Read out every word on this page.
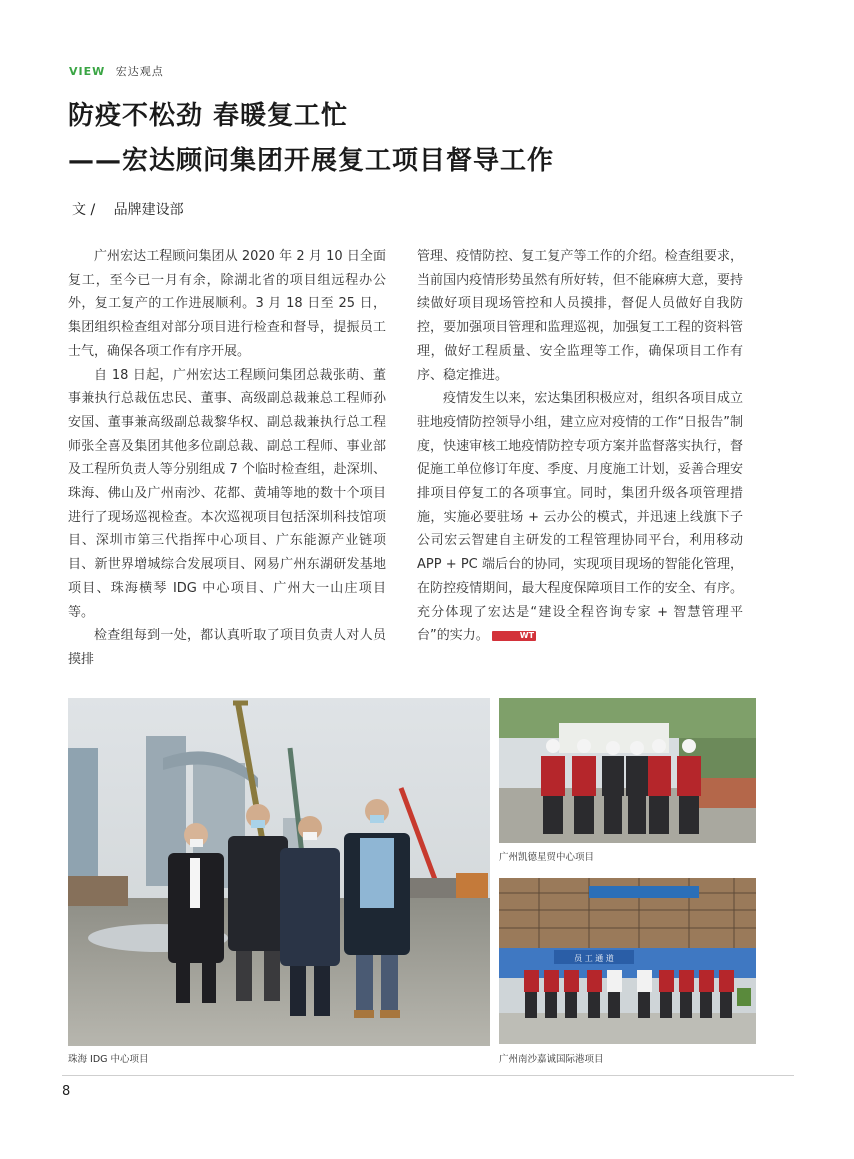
VIEW 宏达观点
防疫不松劲 春暖复工忙
——宏达顾问集团开展复工项目督导工作
文 / 品牌建设部

广州宏达工程顾问集团从 2020 年 2 月 10 日全面复工，至今已一月有余，除湖北省的项目组远程办公外，复工复产的工作进展顺利。3 月 18 日至 25 日，集团组织检查组对部分项目进行检查和督导，提振员工士气，确保各项工作有序开展。

自 18 日起，广州宏达工程顾问集团总裁张萌、董事兼执行总裁伍忠民、董事、高级副总裁兼总工程师孙安国、董事兼高级副总裁黎华权、副总裁兼执行总工程师张全喜及集团其他多位副总裁、副总工程师、事业部及工程所负责人等分别组成 7 个临时检查组，赴深圳、珠海、佛山及广州南沙、花都、黄埔等地的数十个项目进行了现场巡视检查。本次巡视项目包括深圳科技馆项目、深圳市第三代指挥中心项目、广东能源产业链项目、新世界增城综合发展项目、网易广州东湖研发基地项目、珠海横琴 IDG 中心项目、广州大一山庄项目等。

检查组每到一处，都认真听取了项目负责人对人员摸排

管理、疫情防控、复工复产等工作的介绍。检查组要求，当前国内疫情形势虽然有所好转，但不能麻痹大意，要持续做好项目现场管控和人员摸排，督促人员做好自我防控，要加强项目管理和监理巡视，加强复工工程的资料管理，做好工程质量、安全监理等工作，确保项目工作有序、稳定推进。

疫情发生以来，宏达集团积极应对，组织各项目成立驻地疫情防控领导小组，建立应对疫情的工作“日报告”制度，快速审核工地疫情防控专项方案并监督落实执行，督促施工单位修订年度、季度、月度施工计划，妥善合理安排项目停复工的各项事宜。同时，集团升级各项管理措施，实施必要驻场 + 云办公的模式，并迅速上线旗下子公司宏云智建自主研发的工程管理协同平台，利用移动 APP + PC 端后台的协同，实现项目现场的智能化管理，在防控疫情期间，最大程度保障项目工作的安全、有序。充分体现了宏达是“建设全程咨询专家 + 智慧管理平台”的实力。	WT

珠海 IDG 中心项目
广州凯德星贸中心项目
员 工 通 道
广州南沙嘉诚国际港项目
8
